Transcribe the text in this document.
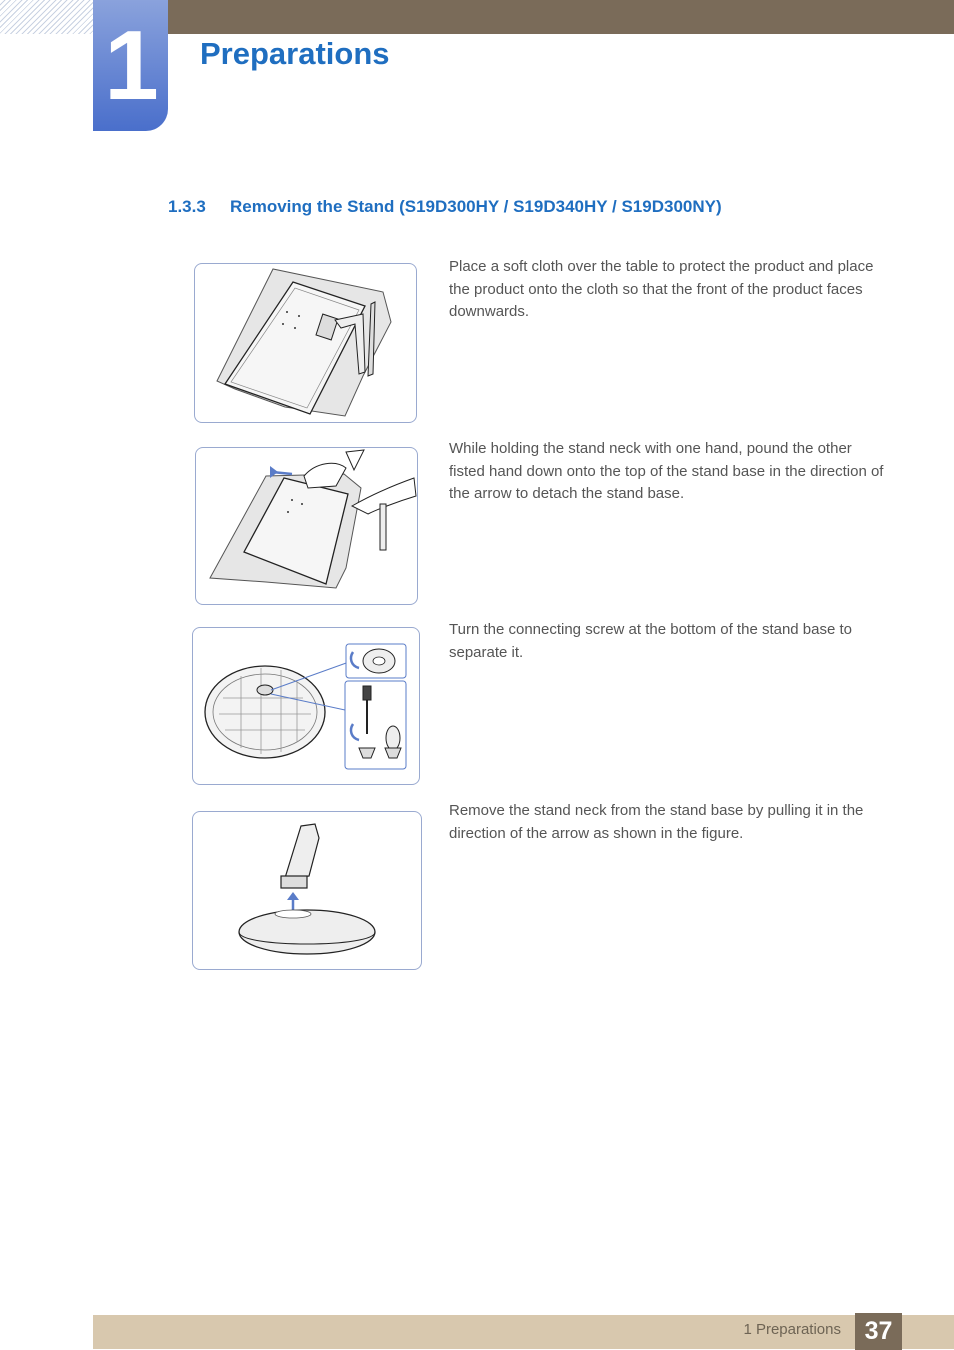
1	Preparations
1.3.3 Removing the Stand (S19D300HY / S19D340HY / S19D300NY)
Place a soft cloth over the table to protect the product and place the product onto the cloth so that the front of the product faces downwards.
While holding the stand neck with one hand, pound the other fisted hand down onto the top of the stand base in the direction of the arrow to detach the stand base.
Turn the connecting screw at the bottom of the stand base to separate it.
Remove the stand neck from the stand base by pulling it in the direction of the arrow as shown in the figure.
1 Preparations 37
